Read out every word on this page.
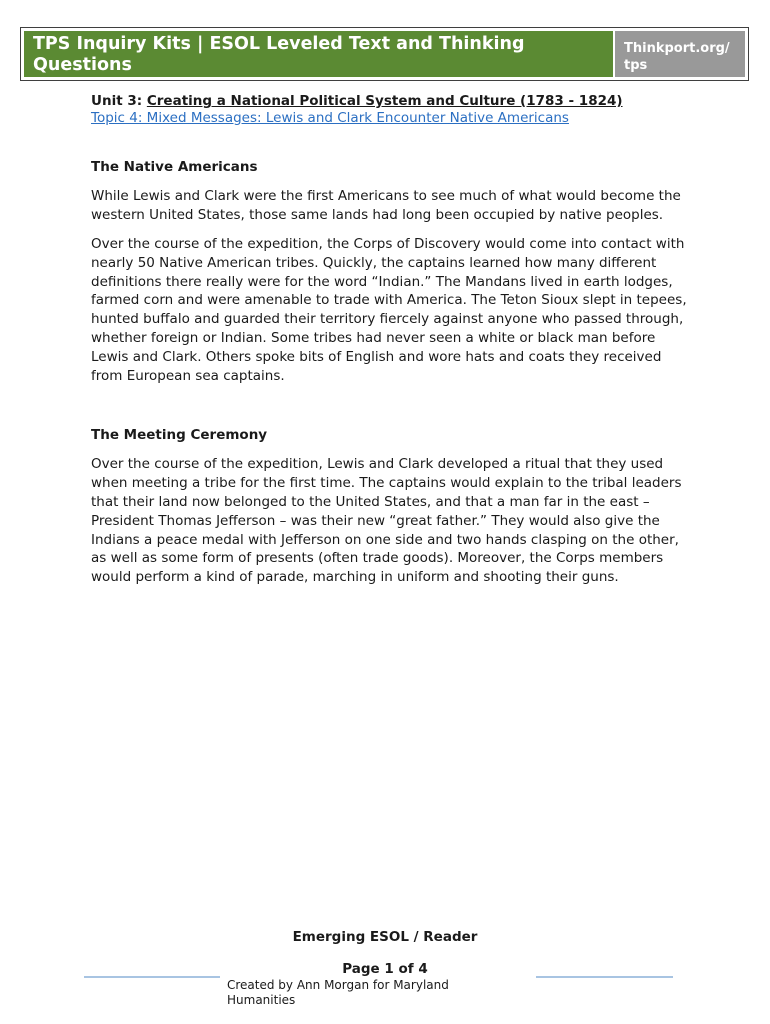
TPS Inquiry Kits | ESOL Leveled Text and Thinking Questions
Thinkport.org/ tps
Unit 3: Creating a National Political System and Culture (1783 - 1824)
Topic 4: Mixed Messages: Lewis and Clark Encounter Native Americans
The Native Americans

While Lewis and Clark were the first Americans to see much of what would become the western United States, those same lands had long been occupied by native peoples.

Over the course of the expedition, the Corps of Discovery would come into contact with nearly 50 Native American tribes. Quickly, the captains learned how many different definitions there really were for the word “Indian.” The Mandans lived in earth lodges, farmed corn and were amenable to trade with America. The Teton Sioux slept in tepees, hunted buffalo and guarded their territory fiercely against anyone who passed through, whether foreign or Indian. Some tribes had never seen a white or black man before Lewis and Clark. Others spoke bits of English and wore hats and coats they received from European sea captains.

The Meeting Ceremony

Over the course of the expedition, Lewis and Clark developed a ritual that they used when meeting a tribe for the first time. The captains would explain to the tribal leaders that their land now belonged to the United States, and that a man far in the east – President Thomas Jefferson – was their new “great father.” They would also give the Indians a peace medal with Jefferson on one side and two hands clasping on the other, as well as some form of presents (often trade goods). Moreover, the Corps members would perform a kind of parade, marching in uniform and shooting their guns.

Emerging ESOL / Reader
Page 1 of 4
Created by Ann Morgan for Maryland Humanities
